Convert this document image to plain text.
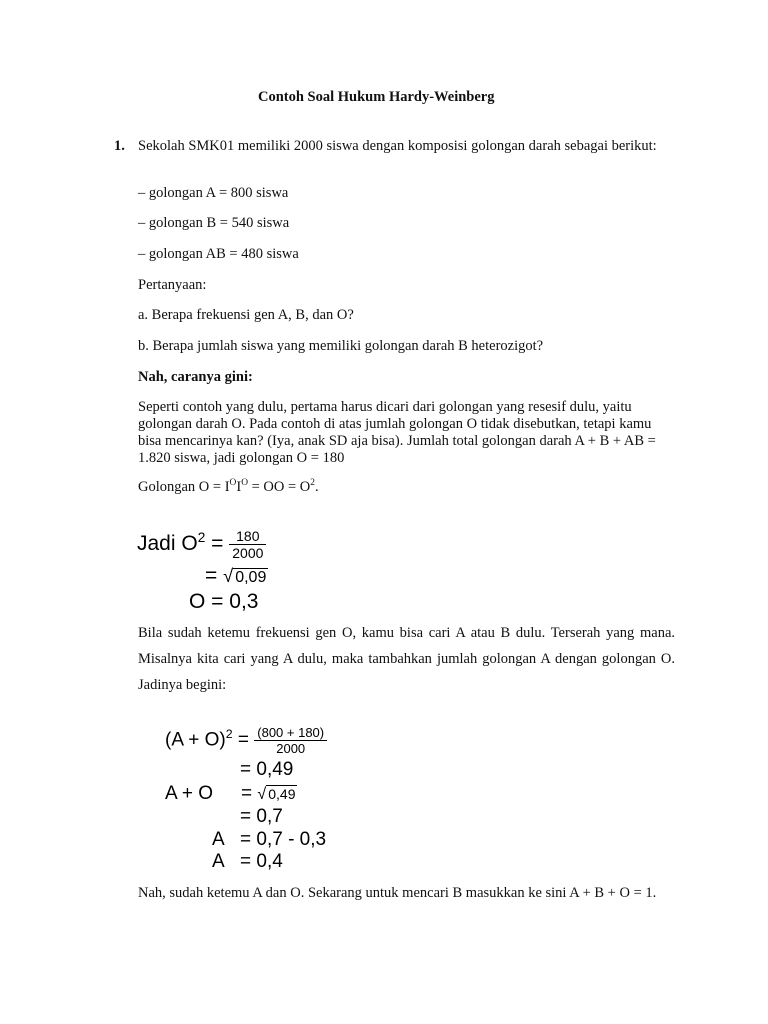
Contoh Soal Hukum Hardy-Weinberg
1. Sekolah SMK01 memiliki 2000 siswa dengan komposisi golongan darah sebagai berikut:
– golongan A = 800 siswa
– golongan B = 540 siswa
– golongan AB = 480 siswa
Pertanyaan:
a. Berapa frekuensi gen A, B, dan O?
b. Berapa jumlah siswa yang memiliki golongan darah B heterozigot?
Nah, caranya gini:
Seperti contoh yang dulu, pertama harus dicari dari golongan yang resesif dulu, yaitu golongan darah O. Pada contoh di atas jumlah golongan O tidak disebutkan, tetapi kamu bisa mencarinya kan? (Iya, anak SD aja bisa). Jumlah total golongan darah A + B + AB = 1.820 siswa, jadi golongan O = 180
Golongan $O = I^OI^O$ = OO = $O^2$.
Jadi $O^2 = \frac{180}{2000}$
= √ 0,09
O = 0,3
Bila sudah ketemu frekuensi gen O, kamu bisa cari A atau B dulu. Terserah yang mana. Misalnya kita cari yang A dulu, maka tambahkan jumlah golongan A dengan golongan O. Jadinya begini:
$(A + O)^2 = \frac{(800 + 180)}{2000}$
= 0,49
A + O = √ 0,49
= 0,7
A = 0,7 - 0,3
A = 0,4
Nah, sudah ketemu A dan O. Sekarang untuk mencari B masukkan ke sini A + B + O = 1.
